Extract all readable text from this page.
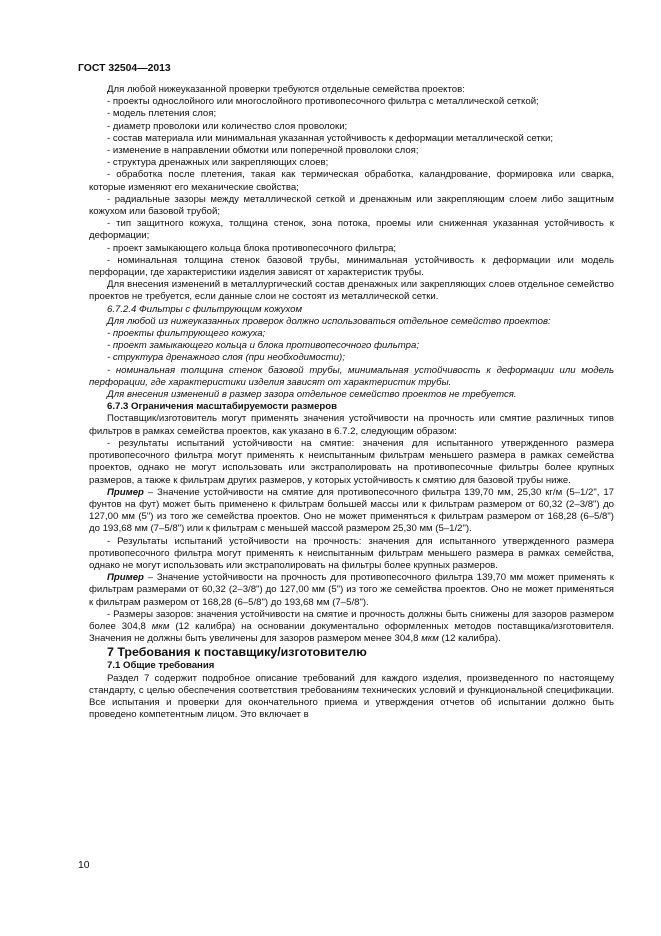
ГОСТ 32504—2013

Для любой нижеуказанной проверки требуются отдельные семейства проектов:

- проекты однослойного или многослойного противопесочного фильтра с металлической сеткой;

- модель плетения слоя;

- диаметр проволоки или количество слоя проволоки;

- состав материала или минимальная указанная устойчивость к деформации металлической сетки;

- изменение в направлении обмотки или поперечной проволоки слоя;

- структура дренажных или закрепляющих слоев;

- обработка после плетения, такая как термическая обработка, каландрование, формировка или сварка, которые изменяют его механические свойства;

- радиальные зазоры между металлической сеткой и дренажным или закрепляющим слоем либо защитным кожухом или базовой трубой;

- тип защитного кожуха, толщина стенок, зона потока, проемы или сниженная указанная устойчивость к деформации;

- проект замыкающего кольца блока противопесочного фильтра;

- номинальная толщина стенок базовой трубы, минимальная устойчивость к деформации или модель перфорации, где характеристики изделия зависят от характеристик трубы.

Для внесения изменений в металлургический состав дренажных или закрепляющих слоев отдельное семейство проектов не требуется, если данные слои не состоят из металлической сетки.

6.7.2.4 Фильтры с фильтрующим кожухом

Для любой из нижеуказанных проверок должно использоваться отдельное семейство проектов:

- проекты фильтрующего кожуха;

- проект замыкающего кольца и блока противопесочного фильтра;

- структура дренажного слоя (при необходимости);

- номинальная толщина стенок базовой трубы, минимальная устойчивость к деформации или модель перфорации, где характеристики изделия зависят от характеристик трубы.

Для внесения изменений в размер зазора отдельное семейство проектов не требуется.

6.7.3 Ограничения масштабируемости размеров

Поставщик/изготовитель могут применять значения устойчивости на прочность или смятие различных типов фильтров в рамках семейства проектов, как указано в 6.7.2, следующим образом:

- результаты испытаний устойчивости на смятие: значения для испытанного утвержденного размера противопесочного фильтра могут применять к неиспытанным фильтрам меньшего размера в рамках семейства проектов, однако не могут использовать или экстраполировать на противопесочные фильтры более крупных размеров, а также к фильтрам других размеров, у которых устойчивость к смятию для базовой трубы ниже.

Пример – Значение устойчивости на смятие для противопесочного фильтра 139,70 мм, 25,30 кг/м (5–1/2", 17 фунтов на фут) может быть применено к фильтрам большей массы или к фильтрам размером от 60,32 (2–3/8") до 127,00 мм (5") из того же семейства проектов. Оно не может применяться к фильтрам размером от 168,28 (6–5/8") до 193,68 мм (7–5/8") или к фильтрам с меньшей массой размером 25,30 мм (5–1/2").

- Результаты испытаний устойчивости на прочность: значения для испытанного утвержденного размера противопесочного фильтра могут применять к неиспытанным фильтрам меньшего размера в рамках семейства, однако не могут использовать или экстраполировать на фильтры более крупных размеров.

Пример – Значение устойчивости на прочность для противопесочного фильтра 139,70 мм может применять к фильтрам размерами от 60,32 (2–3/8") до 127,00 мм (5") из того же семейства проектов. Оно не может применяться к фильтрам размером от 168,28 (6–5/8") до 193,68 мм (7–5/8").

- Размеры зазоров: значения устойчивости на смятие и прочность должны быть снижены для зазоров размером более 304,8 мкм (12 калибра) на основании документально оформленных методов поставщика/изготовителя. Значения не должны быть увеличены для зазоров размером менее 304,8 мкм (12 калибра).

7 Требования к поставщику/изготовителю

7.1 Общие требования

Раздел 7 содержит подробное описание требований для каждого изделия, произведенного по настоящему стандарту, с целью обеспечения соответствия требованиям технических условий и функциональной спецификации. Все испытания и проверки для окончательного приема и утверждения отчетов об испытании должно быть проведено компетентным лицом. Это включает в

10
